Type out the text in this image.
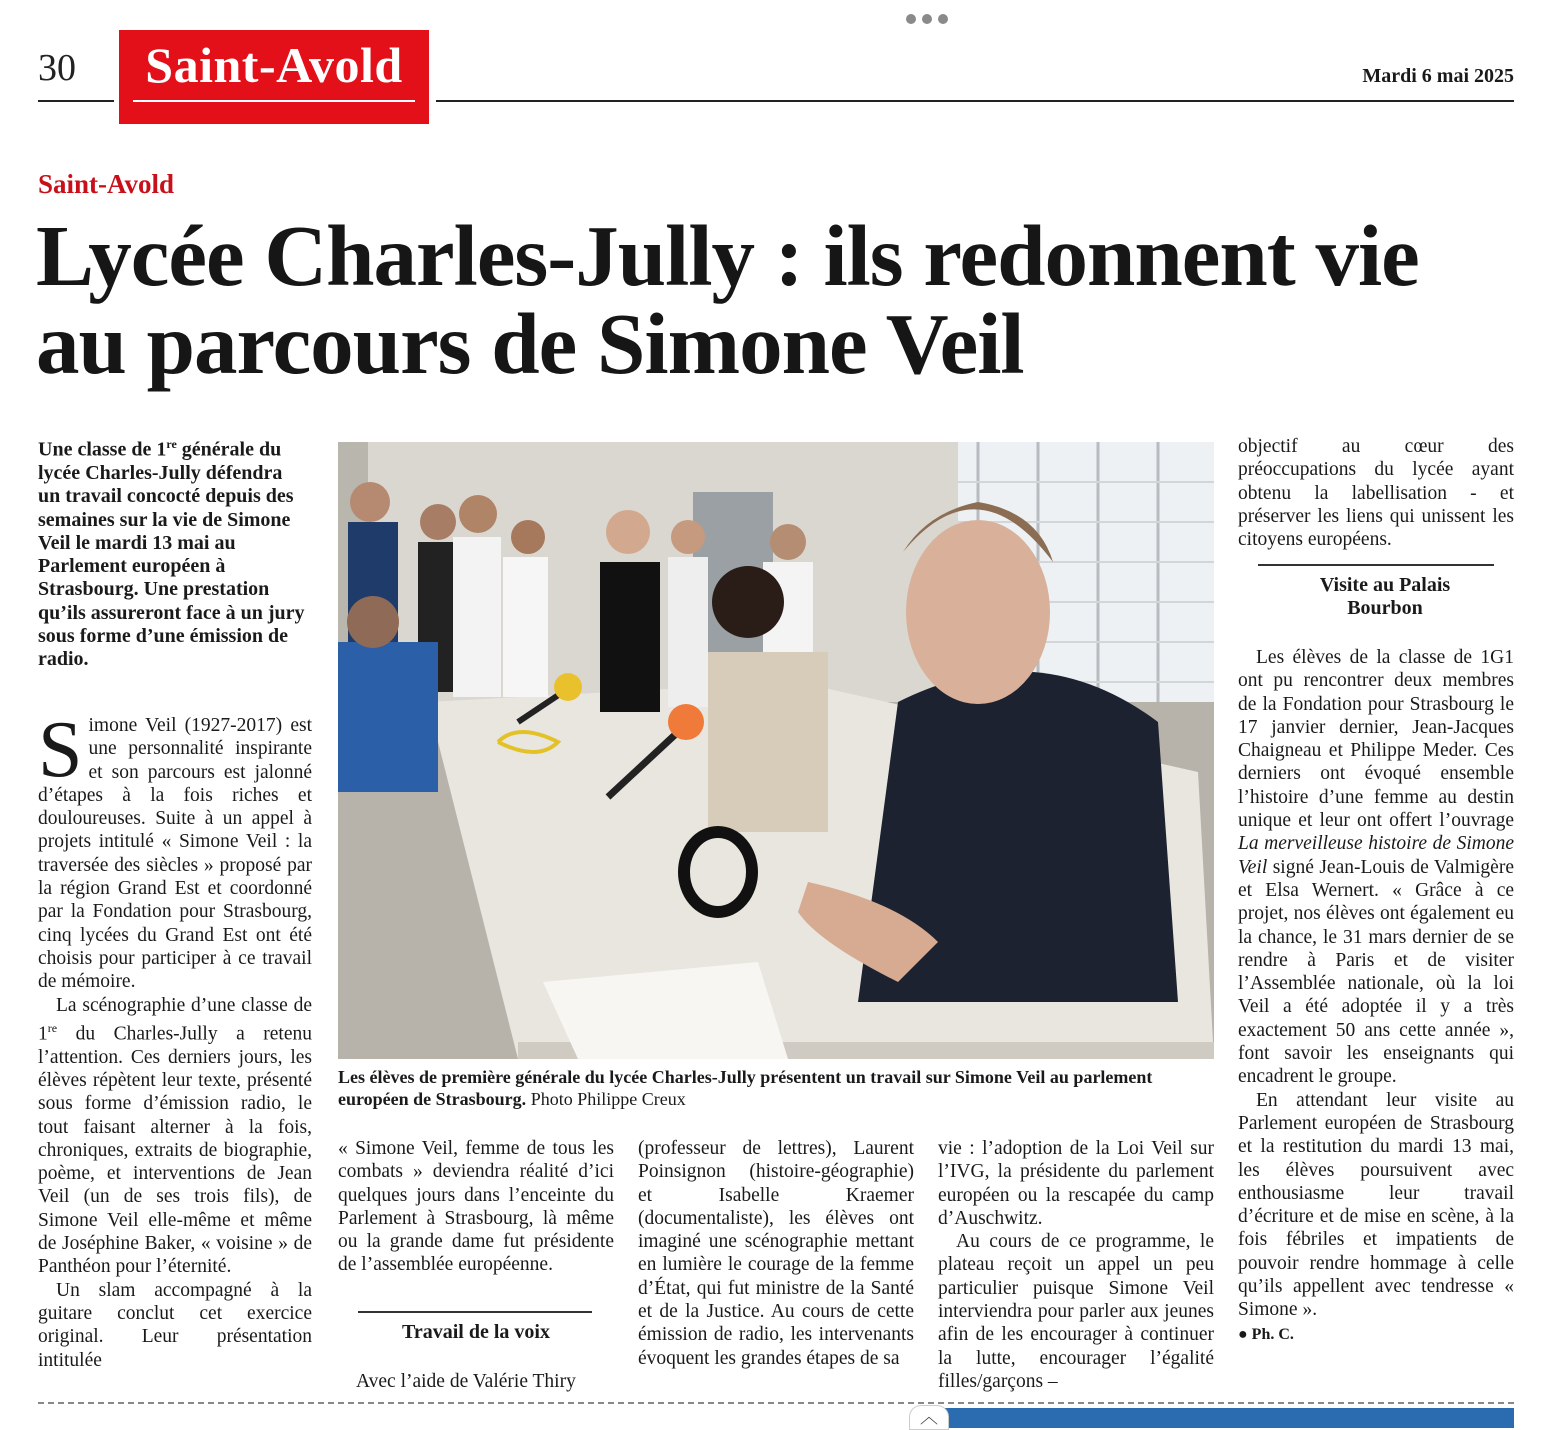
30	Saint-Avold	Mardi 6 mai 2025
Saint-Avold
Lycée Charles-Jully : ils redonnent vie au parcours de Simone Veil
Une classe de 1re générale du lycée Charles-Jully défendra un travail concocté depuis des semaines sur la vie de Simone Veil le mardi 13 mai au Parlement européen à Strasbourg. Une prestation qu’ils assureront face à un jury sous forme d’une émission de radio.

Simone Veil (1927-2017) est une personnalité inspirante et son parcours est jalonné d’étapes à la fois riches et douloureuses. Suite à un appel à projets intitulé « Simone Veil : la traversée des siècles » proposé par la région Grand Est et coordonné par la Fondation pour Strasbourg, cinq lycées du Grand Est ont été choisis pour participer à ce travail de mémoire.

La scénographie d’une classe de 1re du Charles-Jully a retenu l’attention. Ces derniers jours, les élèves répètent leur texte, présenté sous forme d’émission radio, le tout faisant alterner à la fois, chroniques, extraits de biographie, poème, et interventions de Jean Veil (un de ses trois fils), de Simone Veil elle-même et même de Joséphine Baker, « voisine » de Panthéon pour l’éternité.

Un slam accompagné à la guitare conclut cet exercice original. Leur présentation intitulée

Les élèves de première générale du lycée Charles-Jully présentent un travail sur Simone Veil au parlement européen de Strasbourg. Photo Philippe Creux

« Simone Veil, femme de tous les combats » deviendra réalité d’ici quelques jours dans l’enceinte du Parlement à Strasbourg, là même ou la grande dame fut présidente de l’assemblée européenne.

Travail de la voix

Avec l’aide de Valérie Thiry

(professeur de lettres), Laurent Poinsignon (histoire-géographie) et Isabelle Kraemer (documentaliste), les élèves ont imaginé une scénographie mettant en lumière le courage de la femme d’État, qui fut ministre de la Santé et de la Justice. Au cours de cette émission de radio, les intervenants évoquent les grandes étapes de sa

vie : l’adoption de la Loi Veil sur l’IVG, la présidente du parlement européen ou la rescapée du camp d’Auschwitz.

Au cours de ce programme, le plateau reçoit un appel un peu particulier puisque Simone Veil interviendra pour parler aux jeunes afin de les encourager à continuer la lutte, encourager l’égalité filles/garçons –

objectif au cœur des préoccupations du lycée ayant obtenu la labellisation - et préserver les liens qui unissent les citoyens européens.

Visite au Palais Bourbon

Les élèves de la classe de 1G1 ont pu rencontrer deux membres de la Fondation pour Strasbourg le 17 janvier dernier, Jean-Jacques Chaigneau et Philippe Meder. Ces derniers ont évoqué ensemble l’histoire d’une femme au destin unique et leur ont offert l’ouvrage La merveilleuse histoire de Simone Veil signé Jean-Louis de Valmigère et Elsa Wernert. « Grâce à ce projet, nos élèves ont également eu la chance, le 31 mars dernier de se rendre à Paris et de visiter l’Assemblée nationale, où la loi Veil a été adoptée il y a très exactement 50 ans cette année », font savoir les enseignants qui encadrent le groupe.

En attendant leur visite au Parlement européen de Strasbourg et la restitution du mardi 13 mai, les élèves poursuivent avec enthousiasme leur travail d’écriture et de mise en scène, à la fois fébriles et impatients de pouvoir rendre hommage à celle qu’ils appellent avec tendresse « Simone ».

● Ph. C.

︿
